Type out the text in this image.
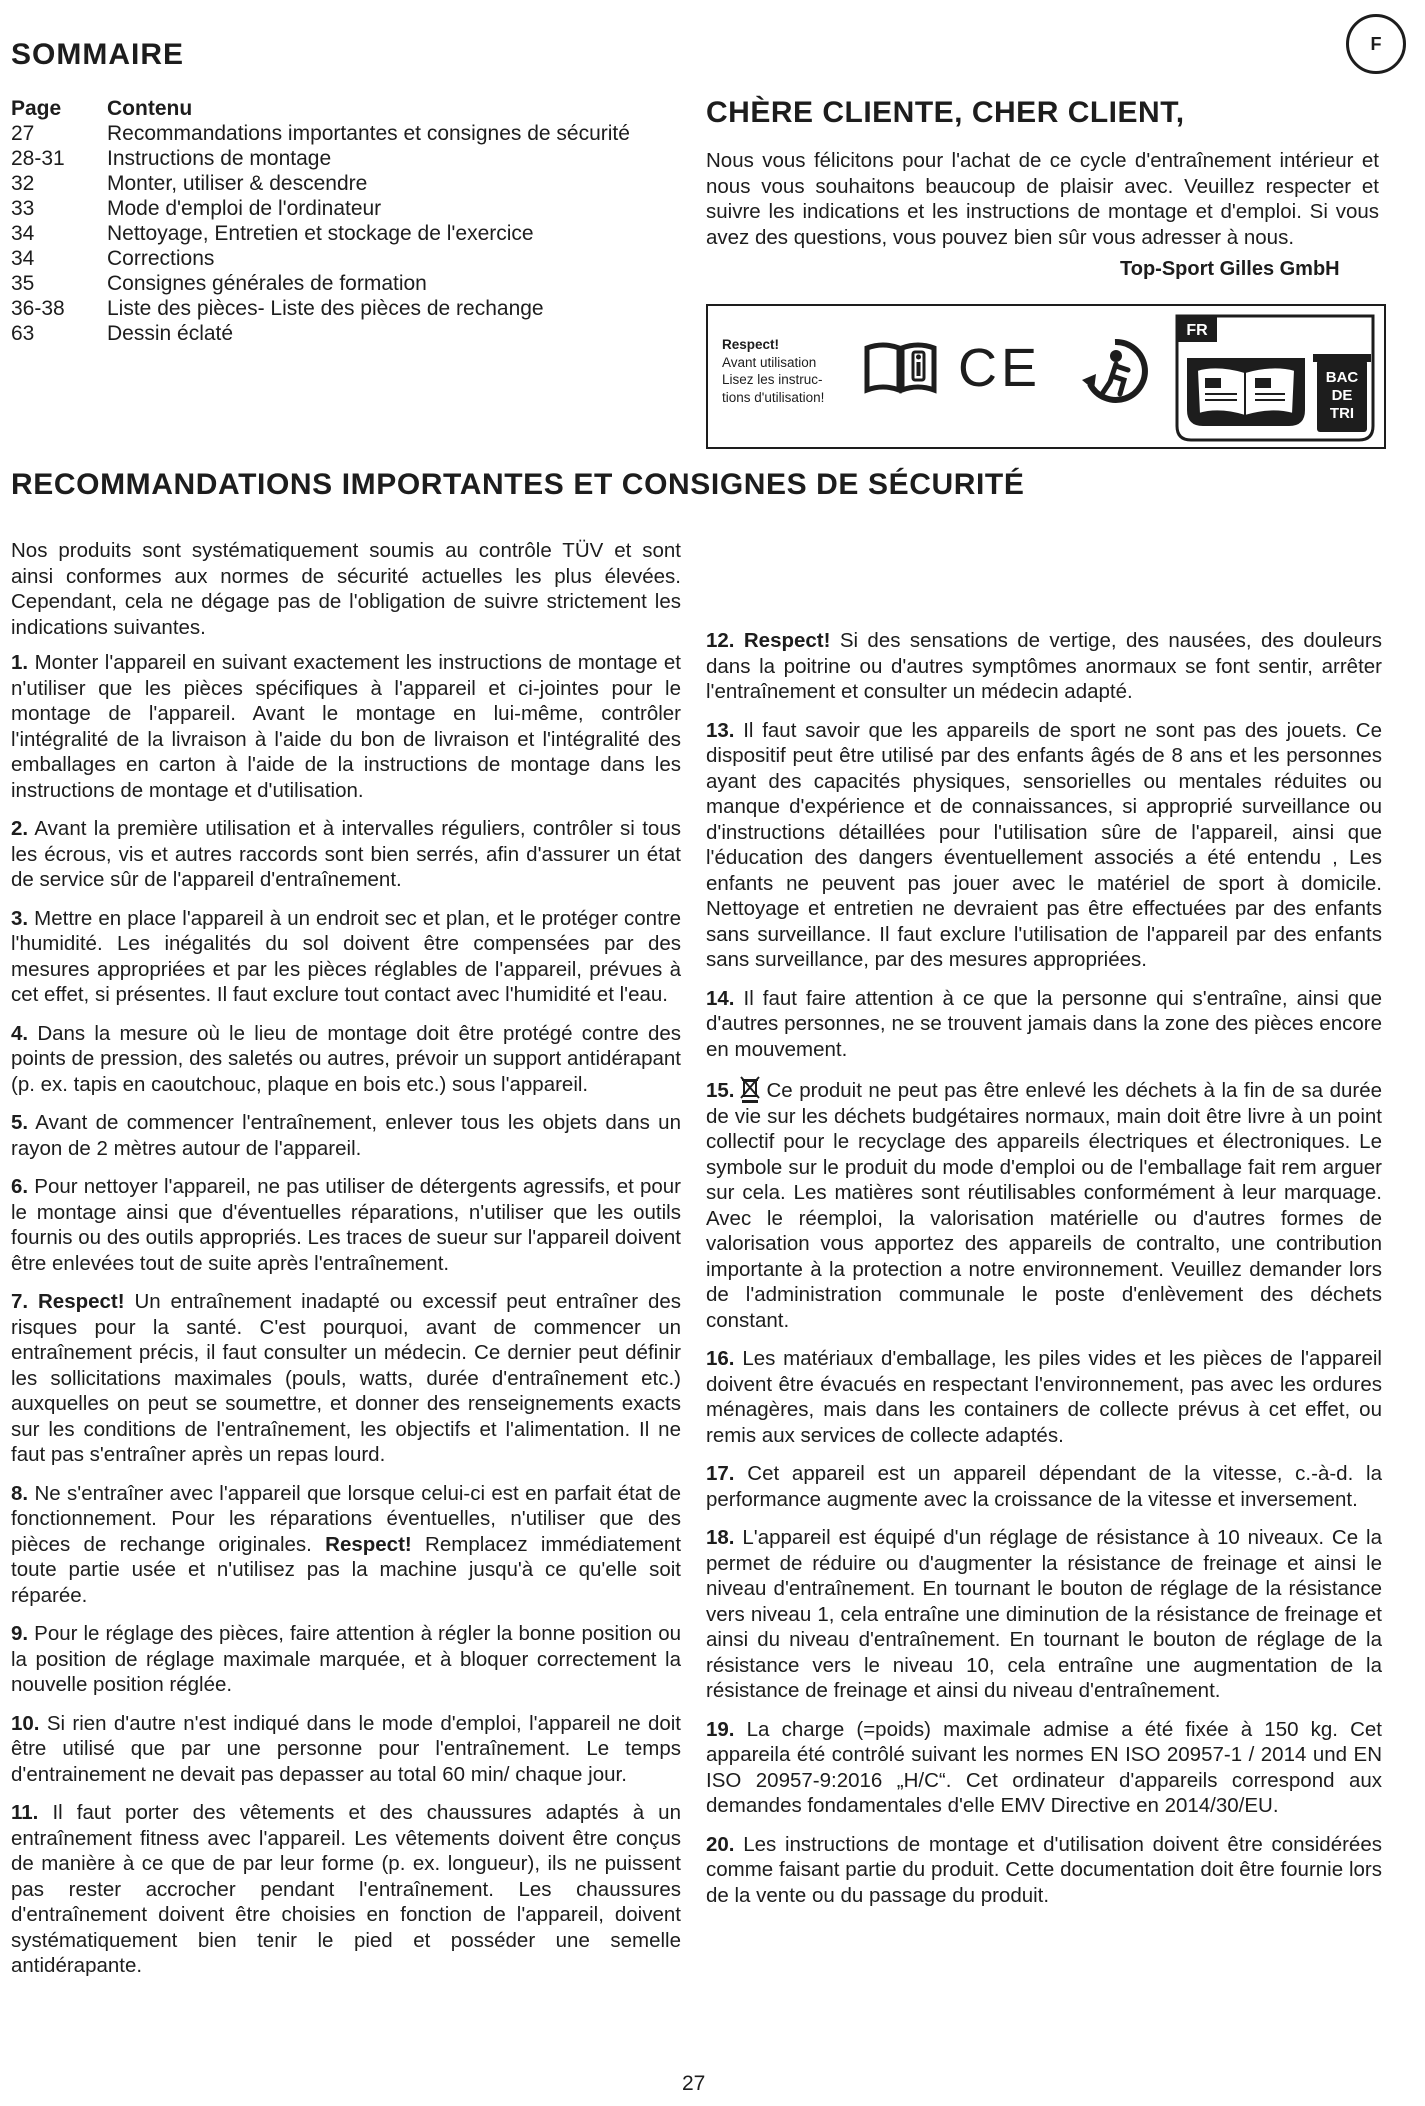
SOMMAIRE	F
Page	Contenu
27	Recommandations importantes et consignes de sécurité
28-31	Instructions de montage
32	Monter, utiliser & descendre
33	Mode d'emploi de l'ordinateur
34	Nettoyage, Entretien et stockage de l'exercice
34	Corrections
35	Consignes générales de formation
36-38	Liste des pièces- Liste des pièces de rechange
63	Dessin éclaté
CHÈRE CLIENTE, CHER CLIENT,
Nous vous félicitons pour l'achat de ce cycle d'entraînement intérieur et nous vous souhaitons beaucoup de plaisir avec. Veuillez respecter et suivre les indications et les instructions de montage et d'emploi. Si vous avez des questions, vous pouvez bien sûr vous adresser à nous.
Top-Sport Gilles GmbH
Respect!
Avant utilisation
Lisez les instruc-
tions d'utilisation! CE
FR
BAC
DE
TRI
RECOMMANDATIONS IMPORTANTES ET CONSIGNES DE SÉCURITÉ

Nos produits sont systématiquement soumis au contrôle TÜV et sont ainsi conformes aux normes de sécurité actuelles les plus élevées. Cependant, cela ne dégage pas de l'obligation de suivre strictement les indications suivantes.

1. Monter l'appareil en suivant exactement les instructions de montage et n'utiliser que les pièces spécifiques à l'appareil et ci-jointes pour le montage de l'appareil. Avant le montage en lui-même, contrôler l'intégralité de la livraison à l'aide du bon de livraison et l'intégralité des emballages en carton à l'aide de la instructions de montage dans les instructions de montage et d'utilisation.

2. Avant la première utilisation et à intervalles réguliers, contrôler si tous les écrous, vis et autres raccords sont bien serrés, afin d'assurer un état de service sûr de l'appareil d'entraînement.

3. Mettre en place l'appareil à un endroit sec et plan, et le protéger contre l'humidité. Les inégalités du sol doivent être compensées par des mesures appropriées et par les pièces réglables de l'appareil, prévues à cet effet, si présentes. Il faut exclure tout contact avec l'humidité et l'eau.

4. Dans la mesure où le lieu de montage doit être protégé contre des points de pression, des saletés ou autres, prévoir un support antidérapant (p. ex. tapis en caoutchouc, plaque en bois etc.) sous l'appareil.

5. Avant de commencer l'entraînement, enlever tous les objets dans un rayon de 2 mètres autour de l'appareil.

6. Pour nettoyer l'appareil, ne pas utiliser de détergents agressifs, et pour le montage ainsi que d'éventuelles réparations, n'utiliser que les outils fournis ou des outils appropriés. Les traces de sueur sur l'appareil doivent être enlevées tout de suite après l'entraînement.

7. Respect! Un entraînement inadapté ou excessif peut entraîner des risques pour la santé. C'est pourquoi, avant de commencer un entraînement précis, il faut consulter un médecin. Ce dernier peut définir les sollicitations maximales (pouls, watts, durée d'entraînement etc.) auxquelles on peut se soumettre, et donner des renseignements exacts sur les conditions de l'entraînement, les objectifs et l'alimentation. Il ne faut pas s'entraîner après un repas lourd.

8. Ne s'entraîner avec l'appareil que lorsque celui-ci est en parfait état de fonctionnement. Pour les réparations éventuelles, n'utiliser que des pièces de rechange originales. Respect! Remplacez immédiatement toute partie usée et n'utilisez pas la machine jusqu'à ce qu'elle soit réparée.

9. Pour le réglage des pièces, faire attention à régler la bonne position ou la position de réglage maximale marquée, et à bloquer correctement la nouvelle position réglée.

10. Si rien d'autre n'est indiqué dans le mode d'emploi, l'appareil ne doit être utilisé que par une personne pour l'entraînement. Le temps d'entrainement ne devait pas depasser au total 60 min/ chaque jour.

11. Il faut porter des vêtements et des chaussures adaptés à un entraînement fitness avec l'appareil. Les vêtements doivent être conçus de manière à ce que de par leur forme (p. ex. longueur), ils ne puissent pas rester accrocher pendant l'entraînement. Les chaussures d'entraînement doivent être choisies en fonction de l'appareil, doivent systématiquement bien tenir le pied et posséder une semelle antidérapante.

12. Respect! Si des sensations de vertige, des nausées, des douleurs dans la poitrine ou d'autres symptômes anormaux se font sentir, arrêter l'entraînement et consulter un médecin adapté.

13. Il faut savoir que les appareils de sport ne sont pas des jouets. Ce dispositif peut être utilisé par des enfants âgés de 8 ans et les personnes ayant des capacités physiques, sensorielles ou mentales réduites ou manque d'expérience et de connaissances, si approprié surveillance ou d'instructions détaillées pour l'utilisation sûre de l'appareil, ainsi que l'éducation des dangers éventuellement associés a été entendu , Les enfants ne peuvent pas jouer avec le matériel de sport à domicile. Nettoyage et entretien ne devraient pas être effectuées par des enfants sans surveillance. Il faut exclure l'utilisation de l'appareil par des enfants sans surveillance, par des mesures appropriées.

14. Il faut faire attention à ce que la personne qui s'entraîne, ainsi que d'autres personnes, ne se trouvent jamais dans la zone des pièces encore en mouvement.

15. Ce produit ne peut pas être enlevé les déchets à la fin de sa durée de vie sur les déchets budgétaires normaux, main doit être livre à un point collectif pour le recyclage des appareils électriques et électroniques. Le symbole sur le produit du mode d'emploi ou de l'emballage fait rem arguer sur cela. Les matières sont réutilisables conformément à leur marquage. Avec le réemploi, la valorisation matérielle ou d'autres formes de valorisation vous apportez des appareils de contralto, une contribution importante à la protection a notre environnement. Veuillez demander lors de l'administration communale le poste d'enlèvement des déchets constant.

16. Les matériaux d'emballage, les piles vides et les pièces de l'appareil doivent être évacués en respectant l'environnement, pas avec les ordures ménagères, mais dans les containers de collecte prévus à cet effet, ou remis aux services de collecte adaptés.

17. Cet appareil est un appareil dépendant de la vitesse, c.-à-d. la performance augmente avec la croissance de la vitesse et inversement.

18. L'appareil est équipé d'un réglage de résistance à 10 niveaux. Ce la permet de réduire ou d'augmenter la résistance de freinage et ainsi le niveau d'entraînement. En tournant le bouton de réglage de la résistance vers niveau 1, cela entraîne une diminution de la résistance de freinage et ainsi du niveau d'entraînement. En tournant le bouton de réglage de la résistance vers le niveau 10, cela entraîne une augmentation de la résistance de freinage et ainsi du niveau d'entraînement.

19. La charge (=poids) maximale admise a été fixée à 150 kg. Cet appareila été contrôlé suivant les normes EN ISO 20957-1 / 2014 und EN ISO 20957-9:2016 „H/C“. Cet ordinateur d'appareils correspond aux demandes fondamentales d'elle EMV Directive en 2014/30/EU.

20. Les instructions de montage et d'utilisation doivent être considérées comme faisant partie du produit. Cette documentation doit être fournie lors de la vente ou du passage du produit.

27
